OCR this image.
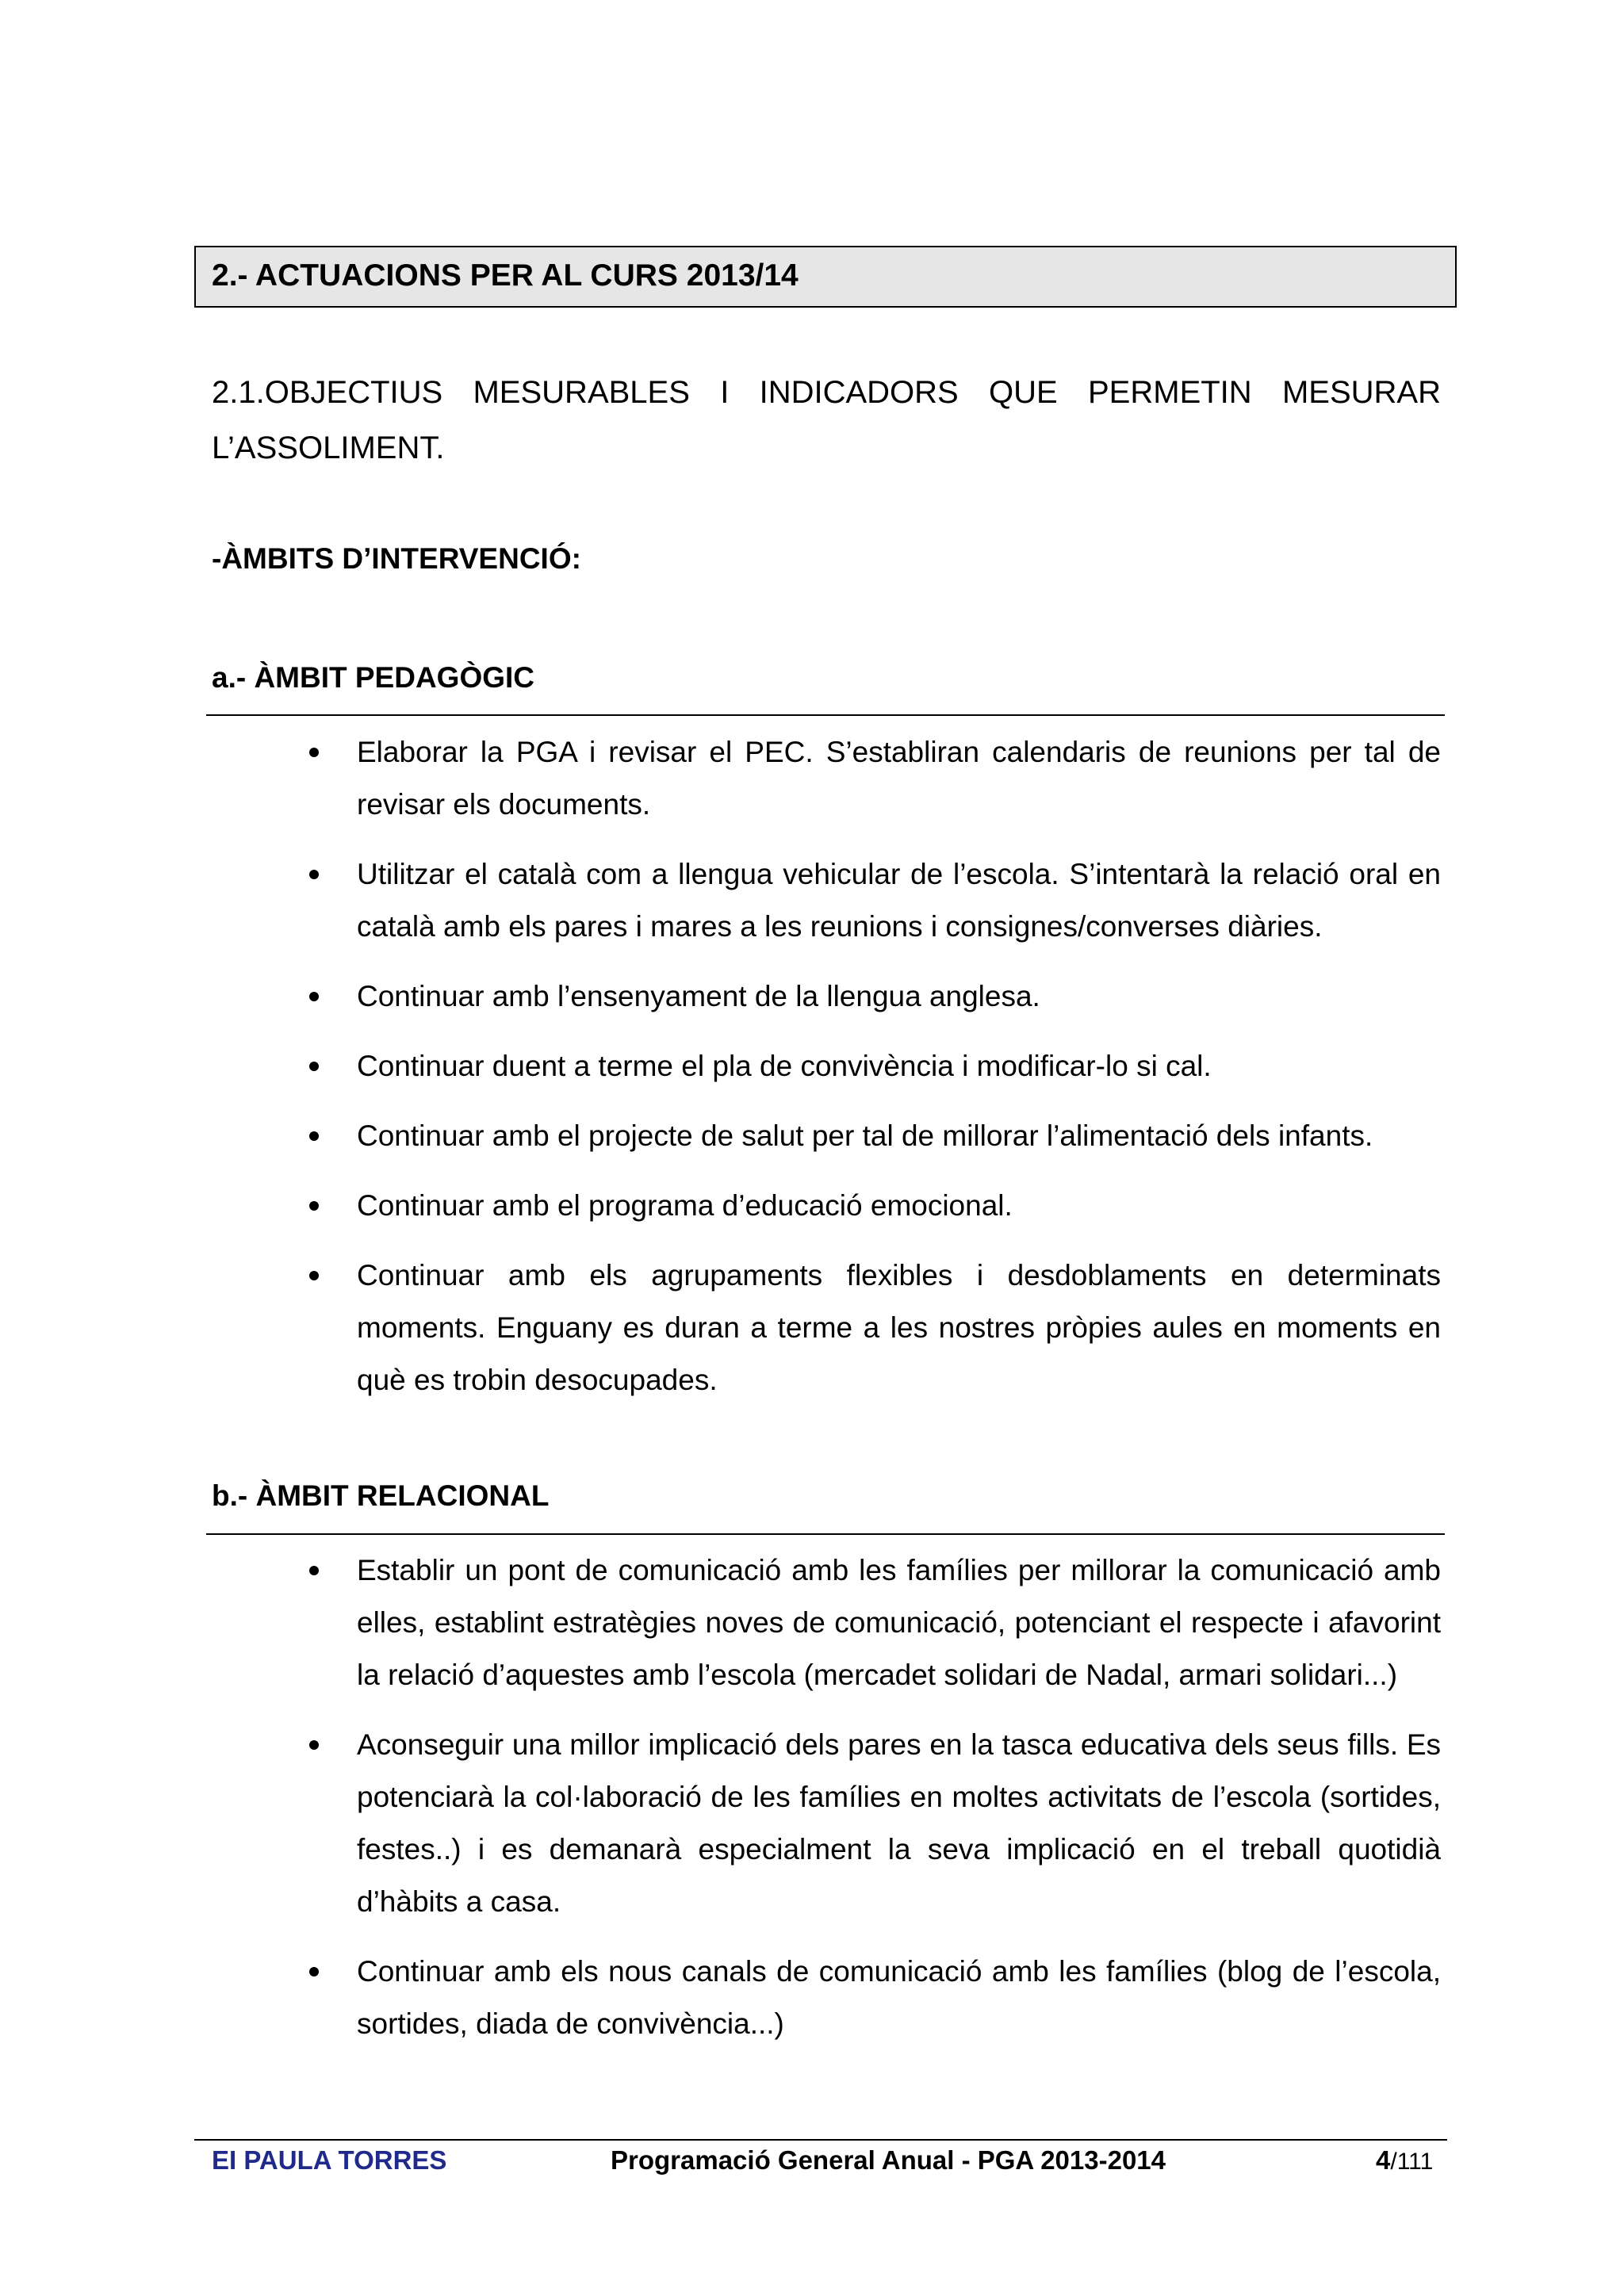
2.- ACTUACIONS PER AL CURS 2013/14
2.1.OBJECTIUS MESURABLES I INDICADORS QUE PERMETIN MESURAR L’ASSOLIMENT.
-ÀMBITS D’INTERVENCIÓ:
a.- ÀMBIT PEDAGÒGIC
Elaborar la PGA i revisar el PEC. S’establiran calendaris de reunions per tal de revisar els documents.
Utilitzar el català com a llengua vehicular de l’escola. S’intentarà la relació oral en català amb els pares i mares a les reunions i consignes/converses diàries.
Continuar amb l’ensenyament de la llengua anglesa.
Continuar duent a terme el pla de convivència i modificar-lo si cal.
Continuar amb el projecte de salut per tal de millorar l’alimentació dels infants.
Continuar amb el programa d’educació emocional.
Continuar amb els agrupaments flexibles i desdoblaments en determinats moments. Enguany es duran a terme a les nostres pròpies aules en moments en què es trobin desocupades.
b.- ÀMBIT RELACIONAL
Establir un pont de comunicació amb les famílies per millorar la comunicació amb elles, establint estratègies noves de comunicació, potenciant el respecte i afavorint la relació d’aquestes amb l’escola (mercadet solidari de Nadal, armari solidari...)
Aconseguir una millor implicació dels pares en la tasca educativa dels seus fills. Es potenciarà la col·laboració de les famílies en moltes activitats de l’escola (sortides, festes..) i es demanarà especialment la seva implicació en el treball quotidià d’hàbits a casa.
Continuar amb els nous canals de comunicació amb les famílies (blog de l’escola, sortides, diada de convivència...)
EI PAULA TORRES	Programació General Anual - PGA 2013-2014	4/111
